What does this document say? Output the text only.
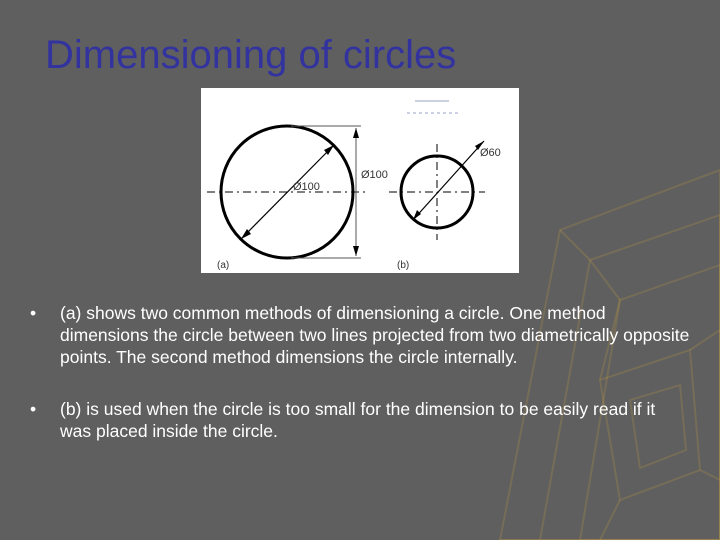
Dimensioning of circles
Ø100
Ø100
Ø60
(a)	(b)
• (a) shows two common methods of dimensioning a circle. One method dimensions the circle between two lines projected from two diametrically opposite points. The second method dimensions the circle internally.
• (b) is used when the circle is too small for the dimension to be easily read if it was placed inside the circle.
